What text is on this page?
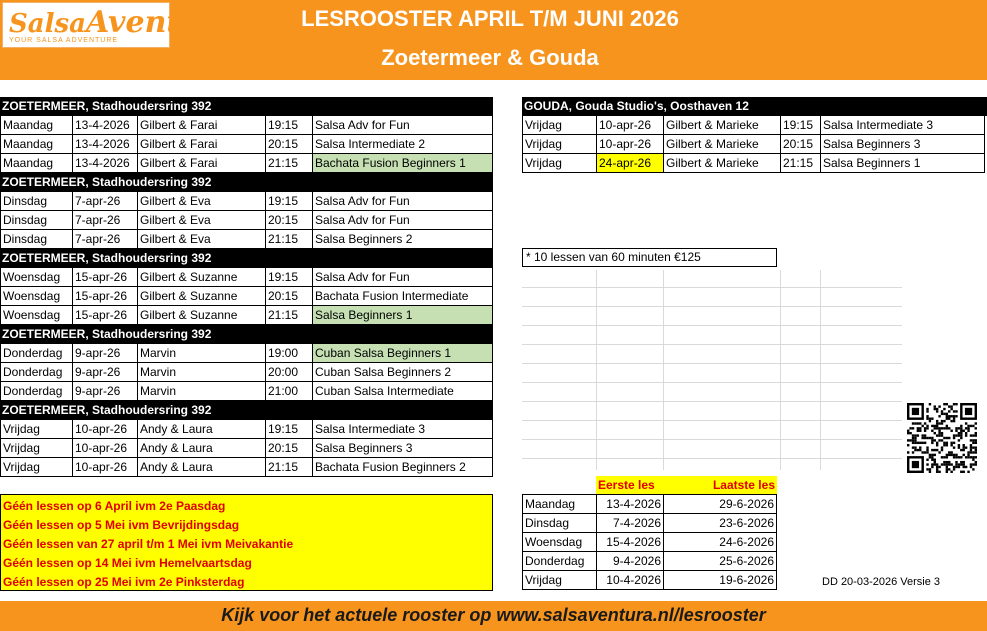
SalsaAventura
YOUR SALSA ADVENTURE
LESROOSTER APRIL T/M JUNI 2026
Zoetermeer & Gouda
ZOETERMEER, Stadhoudersring 392
Maandag	13-4-2026 Gilbert & Farai	19:15	Salsa Adv for Fun
Maandag	13-4-2026 Gilbert & Farai	20:15	Salsa Intermediate 2
Maandag	13-4-2026 Gilbert & Farai	21:15	Bachata Fusion Beginners 1
ZOETERMEER, Stadhoudersring 392
Dinsdag	7-apr-26	Gilbert & Eva	19:15	Salsa Adv for Fun
Dinsdag	7-apr-26	Gilbert & Eva	20:15	Salsa Adv for Fun
Dinsdag	7-apr-26	Gilbert & Eva	21:15	Salsa Beginners 2
ZOETERMEER, Stadhoudersring 392
Woensdag	15-apr-26	Gilbert & Suzanne	19:15	Salsa Adv for Fun
Woensdag	15-apr-26	Gilbert & Suzanne	20:15	Bachata Fusion Intermediate
Woensdag	15-apr-26	Gilbert & Suzanne	21:15	Salsa Beginners 1
ZOETERMEER, Stadhoudersring 392
Donderdag	9-apr-26	Marvin	19:00	Cuban Salsa Beginners 1
Donderdag	9-apr-26	Marvin	20:00	Cuban Salsa Beginners 2
Donderdag	9-apr-26	Marvin	21:00	Cuban Salsa Intermediate
ZOETERMEER, Stadhoudersring 392
Vrijdag	10-apr-26	Andy & Laura	19:15	Salsa Intermediate 3
Vrijdag	10-apr-26	Andy & Laura	20:15	Salsa Beginners 3
Vrijdag	10-apr-26	Andy & Laura	21:15	Bachata Fusion Beginners 2
GOUDA, Gouda Studio's, Oosthaven 12
Vrijdag	10-apr-26	Gilbert & Marieke	19:15 Salsa Intermediate 3
Vrijdag	10-apr-26	Gilbert & Marieke	20:15 Salsa Beginners 3
Vrijdag	24-apr-26	Gilbert & Marieke	21:15 Salsa Beginners 1
* 10 lessen van 60 minuten €125
Géén lessen op 6 April ivm 2e Paasdag
Géén lessen op 5 Mei ivm Bevrijdingsdag
Géén lessen van 27 april t/m 1 Mei ivm Meivakantie
Géén lessen op 14 Mei ivm Hemelvaartsdag
Géén lessen op 25 Mei ivm 2e Pinksterdag
Eerste les	Laatste les
Maandag	13-4-2026	29-6-2026
Dinsdag	7-4-2026	23-6-2026
Woensdag	15-4-2026	24-6-2026
Donderdag	9-4-2026	25-6-2026
Vrijdag	10-4-2026	19-6-2026	DD 20-03-2026 Versie 3
Kijk voor het actuele rooster op www.salsaventura.nl/lesrooster
